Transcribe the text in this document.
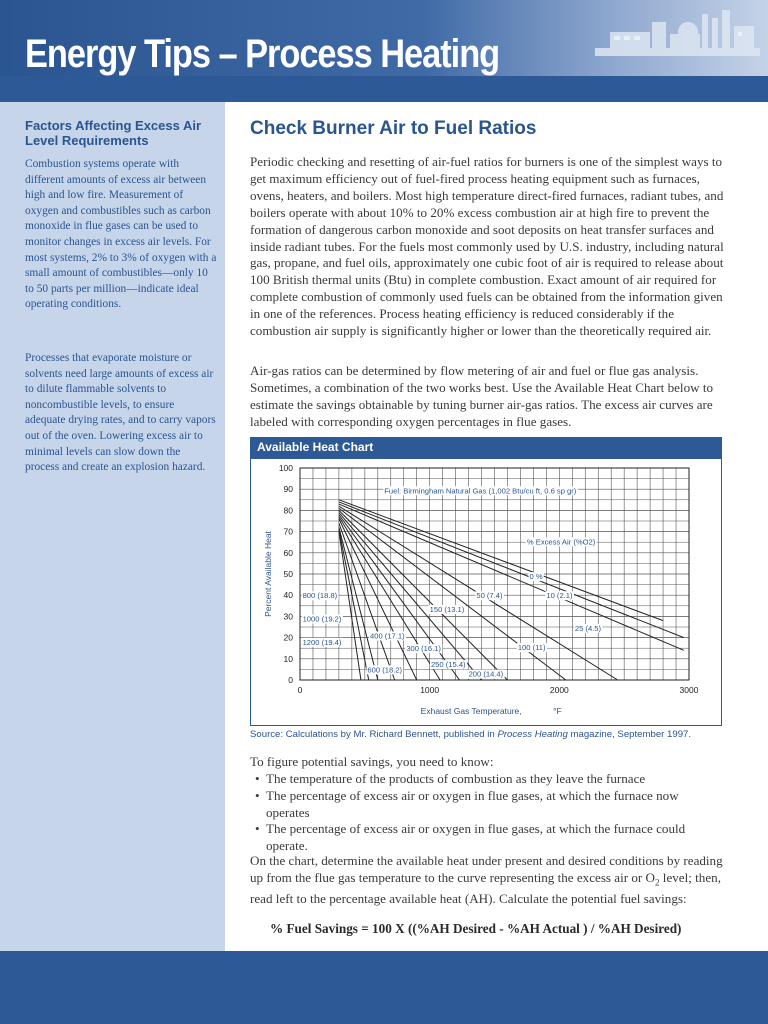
Energy Tips – Process Heating
Factors Affecting Excess Air Level Requirements
Combustion systems operate with different amounts of excess air between high and low fire. Measurement of oxygen and combustibles such as carbon monoxide in flue gases can be used to monitor changes in excess air levels. For most systems, 2% to 3% of oxygen with a small amount of combustibles—only 10 to 50 parts per million—indicate ideal operating conditions.
Processes that evaporate moisture or solvents need large amounts of excess air to dilute flammable solvents to noncombustible levels, to ensure adequate drying rates, and to carry vapors out of the oven. Lowering excess air to minimal levels can slow down the process and create an explosion hazard.
Check Burner Air to Fuel Ratios
Periodic checking and resetting of air-fuel ratios for burners is one of the simplest ways to get maximum efficiency out of fuel-fired process heating equipment such as furnaces, ovens, heaters, and boilers. Most high temperature direct-fired furnaces, radiant tubes, and boilers operate with about 10% to 20% excess combustion air at high fire to prevent the formation of dangerous carbon monoxide and soot deposits on heat transfer surfaces and inside radiant tubes. For the fuels most commonly used by U.S. industry, including natural gas, propane, and fuel oils, approximately one cubic foot of air is required to release about 100 British thermal units (Btu) in complete combustion. Exact amount of air required for complete combustion of commonly used fuels can be obtained from the information given in one of the references. Process heating efficiency is reduced considerably if the combustion air supply is significantly higher or lower than the theoretically required air.
Air-gas ratios can be determined by flow metering of air and fuel or flue gas analysis. Sometimes, a combination of the two works best. Use the Available Heat Chart below to estimate the savings obtainable by tuning burner air-gas ratios. The excess air curves are labeled with corresponding oxygen percentages in flue gases.
Available Heat Chart
0
10
20
30
40
50
60
70
80
90
100
0	1000	2000	3000
800 (18.8)
1000 (19.2)
1200 (19.4)
600 (18.2)
400 (17.1)
300 (16.1)
250 (15.4)
200 (14.4)
150 (13.1)
50 (7.4)
100 (11)
10 (2.1)
25 (4.5)
0 %
Fuel: Birmingham Natural Gas (1,002 Btu/cu ft, 0.6 sp gr)
% Excess Air (%O2)
Percent Available Heat
Exhaust Gas Temperature,	°F
Source: Calculations by Mr. Richard Bennett, published in Process Heating magazine, September 1997.
To figure potential savings, you need to know:
• The temperature of the products of combustion as they leave the furnace
• The percentage of excess air or oxygen in flue gases, at which the furnace now operates
• The percentage of excess air or oxygen in flue gases, at which the furnace could operate.
On the chart, determine the available heat under present and desired conditions by reading up from the flue gas temperature to the curve representing the excess air or $O_2$ level; then, read left to the percentage available heat (AH). Calculate the potential fuel savings:
% Fuel Savings = 100 X ((%AH Desired - %AH Actual ) / %AH Desired)
